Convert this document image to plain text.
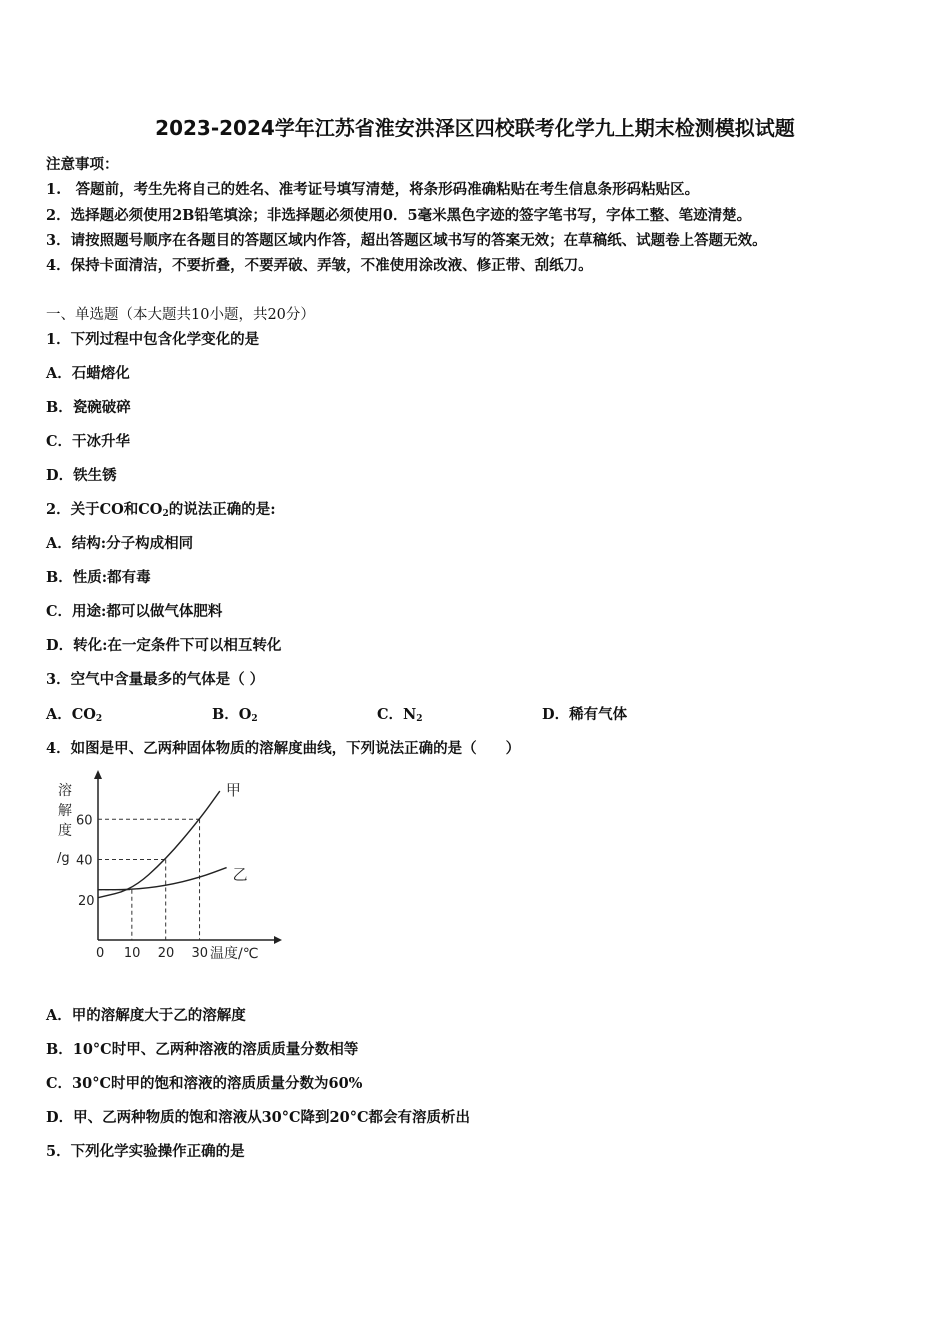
2023-2024学年江苏省淮安洪泽区四校联考化学九上期末检测模拟试题
注意事项：
1.　答题前，考生先将自己的姓名、准考证号填写清楚，将条形码准确粘贴在考生信息条形码粘贴区。
2．选择题必须使用2B铅笔填涂；非选择题必须使用0．5毫米黑色字迹的签字笔书写，字体工整、笔迹清楚。
3．请按照题号顺序在各题目的答题区域内作答，超出答题区域书写的答案无效；在草稿纸、试题卷上答题无效。
4．保持卡面清洁，不要折叠，不要弄破、弄皱，不准使用涂改液、修正带、刮纸刀。
一、单选题（本大题共10小题，共20分）
1．下列过程中包含化学变化的是
A．石蜡熔化
B．瓷碗破碎
C．干冰升华
D．铁生锈
2．关于CO和$CO_2$的说法正确的是:
A．结构:分子构成相同
B．性质:都有毒
C．用途:都可以做气体肥料
D．转化:在一定条件下可以相互转化
3．空气中含量最多的气体是（ ）
A．$CO_2$	B．$O_2$	C．$N_2$	D．稀有气体
4．如图是甲、乙两种固体物质的溶解度曲线，下列说法正确的是（　　）
甲
乙
10 20 30
20
40
60
溶
解
度
/g
温度/℃
0
A．甲的溶解度大于乙的溶解度
B．10°C时甲、乙两种溶液的溶质质量分数相等
C．30°C时甲的饱和溶液的溶质质量分数为60%
D．甲、乙两种物质的饱和溶液从30°C降到20°C都会有溶质析出
5．下列化学实验操作正确的是
